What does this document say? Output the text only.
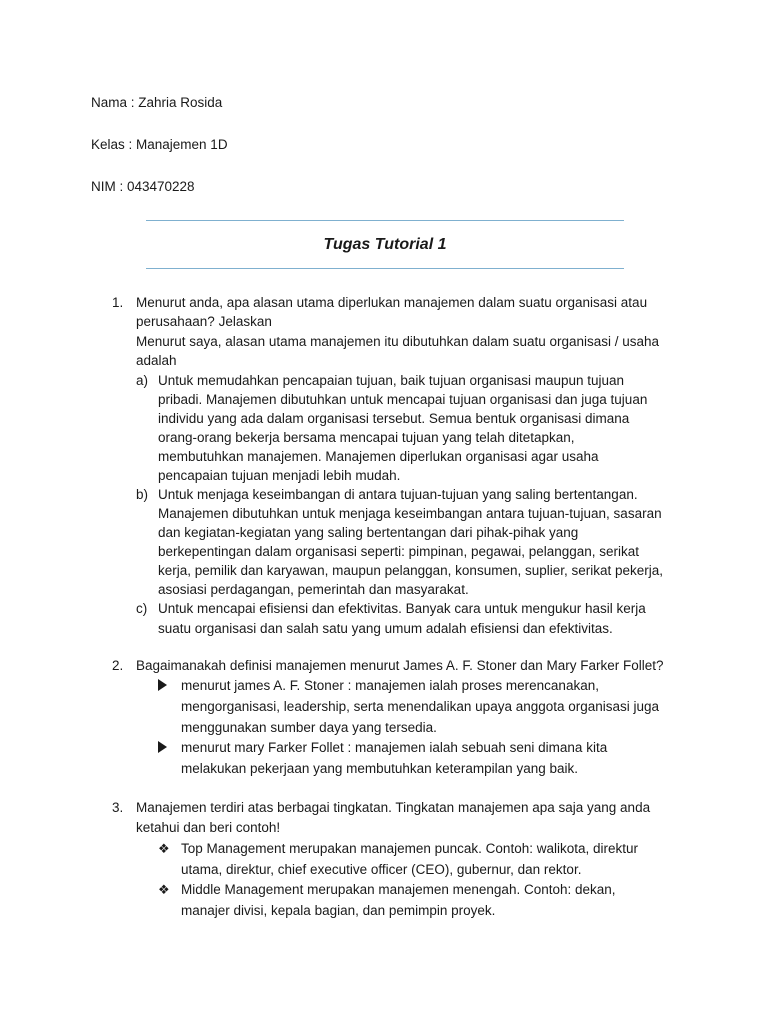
Nama : Zahria Rosida

Kelas : Manajemen 1D

NIM : 043470228

Tugas Tutorial 1

1. Menurut anda, apa alasan utama diperlukan manajemen dalam suatu organisasi atau

perusahaan? Jelaskan

Menurut saya, alasan utama manajemen itu dibutuhkan dalam suatu organisasi / usaha

adalah

a) Untuk memudahkan pencapaian tujuan, baik tujuan organisasi maupun tujuan

pribadi. Manajemen dibutuhkan untuk mencapai tujuan organisasi dan juga tujuan

individu yang ada dalam organisasi tersebut. Semua bentuk organisasi dimana

orang-orang bekerja bersama mencapai tujuan yang telah ditetapkan,

membutuhkan manajemen. Manajemen diperlukan organisasi agar usaha

pencapaian tujuan menjadi lebih mudah.

b) Untuk menjaga keseimbangan di antara tujuan-tujuan yang saling bertentangan.

Manajemen dibutuhkan untuk menjaga keseimbangan antara tujuan-tujuan, sasaran

dan kegiatan-kegiatan yang saling bertentangan dari pihak-pihak yang

berkepentingan dalam organisasi seperti: pimpinan, pegawai, pelanggan, serikat

kerja, pemilik dan karyawan, maupun pelanggan, konsumen, suplier, serikat pekerja,

asosiasi perdagangan, pemerintah dan masyarakat.

c) Untuk mencapai efisiensi dan efektivitas. Banyak cara untuk mengukur hasil kerja

suatu organisasi dan salah satu yang umum adalah efisiensi dan efektivitas.

2. Bagaimanakah definisi manajemen menurut James A. F. Stoner dan Mary Farker Follet?

menurut james A. F. Stoner : manajemen ialah proses merencanakan,

mengorganisasi, leadership, serta menendalikan upaya anggota organisasi juga

menggunakan sumber daya yang tersedia.

menurut mary Farker Follet : manajemen ialah sebuah seni dimana kita

melakukan pekerjaan yang membutuhkan keterampilan yang baik.

3. Manajemen terdiri atas berbagai tingkatan. Tingkatan manajemen apa saja yang anda

ketahui dan beri contoh!

❖ Top Management merupakan manajemen puncak. Contoh: walikota, direktur

utama, direktur, chief executive officer (CEO), gubernur, dan rektor.

❖ Middle Management merupakan manajemen menengah. Contoh: dekan,

manajer divisi, kepala bagian, dan pemimpin proyek.
